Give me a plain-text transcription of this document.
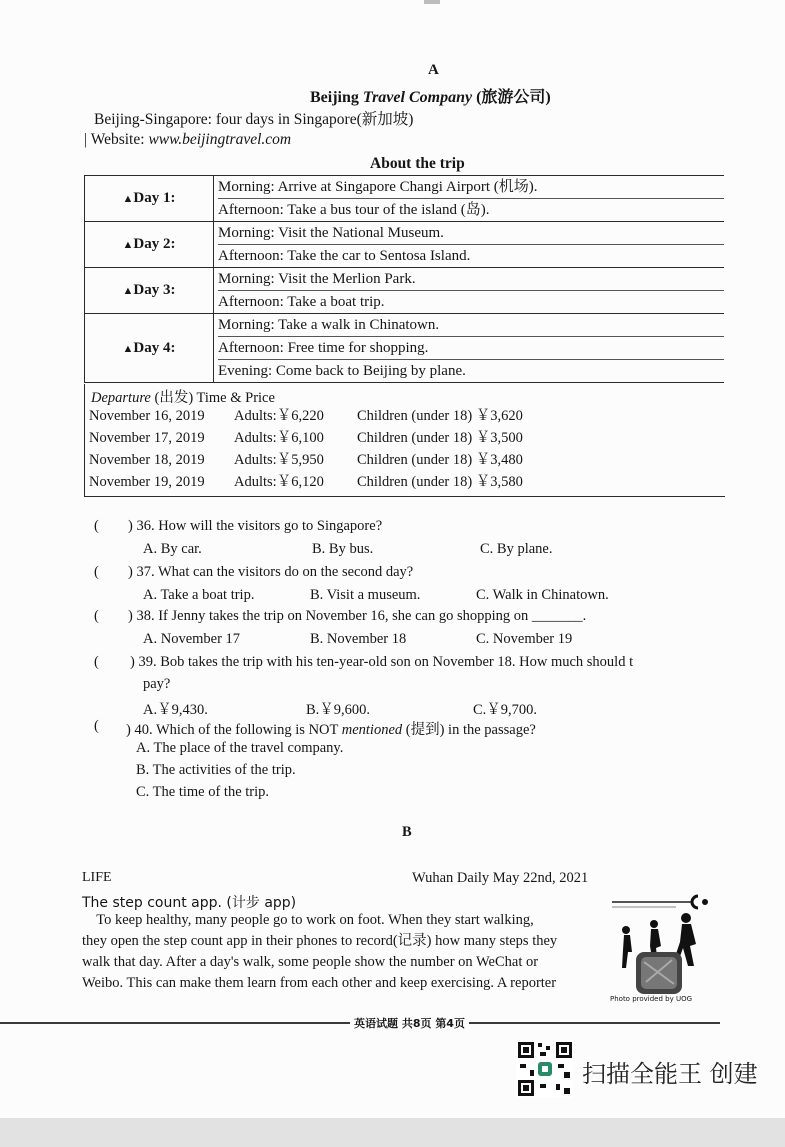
A
Beijing Travel Company (旅游公司)
Beijing-Singapore: four days in Singapore(新加坡)
| Website: www.beijingtravel.com
About the trip
▲Day 1:	Morning: Arrive at Singapore Changi Airport (机场).
Afternoon: Take a bus tour of the island (岛).

▲Day 2:	Morning: Visit the National Museum.
Afternoon: Take the car to Sentosa Island.

▲Day 3:	Morning: Visit the Merlion Park.
Afternoon: Take a boat trip.

▲Day 4:	Morning: Take a walk in Chinatown.
Afternoon: Free time for shopping.
Evening: Come back to Beijing by plane.
Departure (出发) Time & Price
November 16, 2019	Adults:￥6,220	Children (under 18) ￥3,620
November 17, 2019	Adults:￥6,100	Children (under 18) ￥3,500
November 18, 2019	Adults:￥5,950	Children (under 18) ￥3,480
November 19, 2019	Adults:￥6,120	Children (under 18) ￥3,580
( ) 36. How will the visitors go to Singapore?
A. By car.	B. By bus.	C. By plane.
( ) 37. What can the visitors do on the second day?
A. Take a boat trip.	B. Visit a museum.	C. Walk in Chinatown.
( ) 38. If Jenny takes the trip on November 16, she can go shopping on _______.
A. November 17	B. November 18	C. November 19
( ) 39. Bob takes the trip with his ten-year-old son on November 18. How much should t
pay?
A.￥9,430.	B.￥9,600.	C.￥9,700.
( ) 40. Which of the following is NOT mentioned (提到) in the passage?
A. The place of the travel company.
B. The activities of the trip.
C. The time of the trip.
B
LIFE	Wuhan Daily May 22nd, 2021
The step count app. (计步 app)
To keep healthy, many people go to work on foot. When they start walking,
they open the step count app in their phones to record(记录) how many steps they
walk that day. After a day's walk, some people show the number on WeChat or
Weibo. This can make them learn from each other and keep exercising. A reporter
Photo provided by UOG
英语试题 共8页 第4页
扫描全能王 创建
